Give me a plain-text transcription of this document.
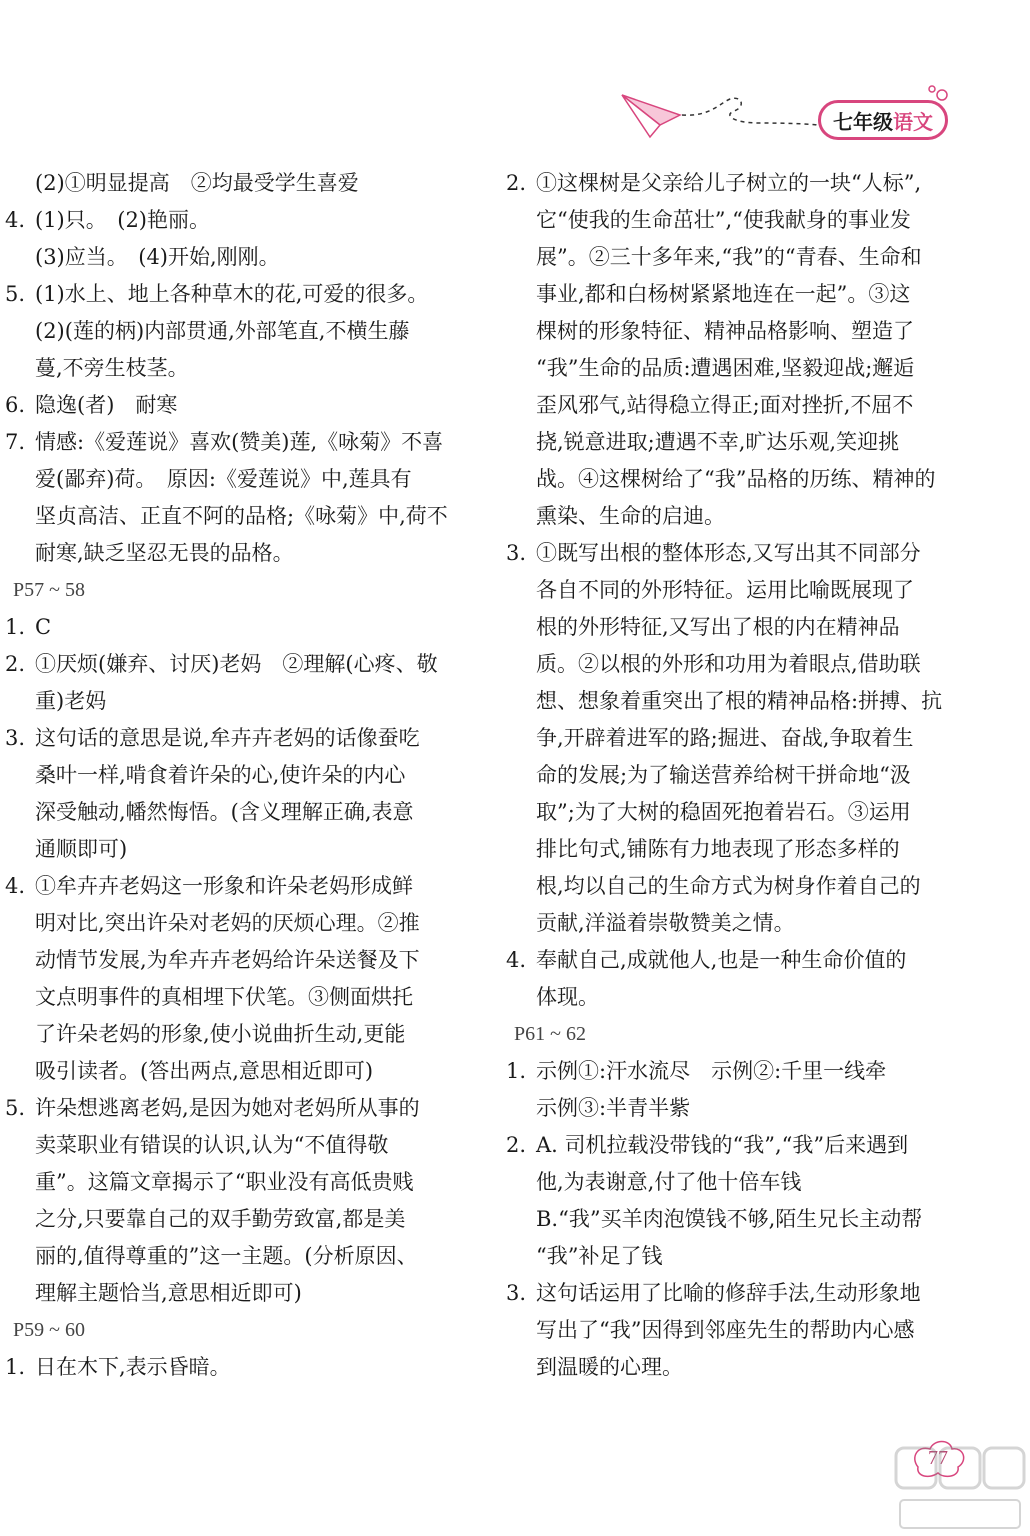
七年级 语文
(2)①明显提高　②均最受学生喜爱
4. (1)只。　(2)艳丽。
(3)应当。　(4)开始,刚刚。
5. (1)水上、地上各种草木的花,可爱的很多。
(2)(莲的柄)内部贯通,外部笔直,不横生藤
蔓,不旁生枝茎。
6. 隐逸(者)　耐寒
7. 情感:《爱莲说》喜欢(赞美)莲,《咏菊》不喜
爱(鄙弃)荷。　原因:《爱莲说》中,莲具有
坚贞高洁、正直不阿的品格;《咏菊》中,荷不
耐寒,缺乏坚忍无畏的品格。
P57 ~ 58
1. C
2. ①厌烦(嫌弃、讨厌)老妈　②理解(心疼、敬
重)老妈
3. 这句话的意思是说,牟卉卉老妈的话像蚕吃
桑叶一样,啃食着许朵的心,使许朵的内心
深受触动,幡然悔悟。(含义理解正确,表意
通顺即可)
4. ①牟卉卉老妈这一形象和许朵老妈形成鲜
明对比,突出许朵对老妈的厌烦心理。②推
动情节发展,为牟卉卉老妈给许朵送餐及下
文点明事件的真相埋下伏笔。③侧面烘托
了许朵老妈的形象,使小说曲折生动,更能
吸引读者。(答出两点,意思相近即可)
5. 许朵想逃离老妈,是因为她对老妈所从事的
卖菜职业有错误的认识,认为“不值得敬
重”。这篇文章揭示了“职业没有高低贵贱
之分,只要靠自己的双手勤劳致富,都是美
丽的,值得尊重的”这一主题。(分析原因、
理解主题恰当,意思相近即可)
P59 ~ 60
1. 日在木下,表示昏暗。
2. ①这棵树是父亲给儿子树立的一块“人标”,
它“使我的生命茁壮”,“使我献身的事业发
展”。②三十多年来,“我”的“青春、生命和
事业,都和白杨树紧紧地连在一起”。③这
棵树的形象特征、精神品格影响、塑造了
“我”生命的品质:遭遇困难,坚毅迎战;邂逅
歪风邪气,站得稳立得正;面对挫折,不屈不
挠,锐意进取;遭遇不幸,旷达乐观,笑迎挑
战。④这棵树给了“我”品格的历练、精神的
熏染、生命的启迪。
3. ①既写出根的整体形态,又写出其不同部分
各自不同的外形特征。运用比喻既展现了
根的外形特征,又写出了根的内在精神品
质。②以根的外形和功用为着眼点,借助联
想、想象着重突出了根的精神品格:拼搏、抗
争,开辟着进军的路;掘进、奋战,争取着生
命的发展;为了输送营养给树干拼命地“汲
取”;为了大树的稳固死抱着岩石。③运用
排比句式,铺陈有力地表现了形态多样的
根,均以自己的生命方式为树身作着自己的
贡献,洋溢着崇敬赞美之情。
4. 奉献自己,成就他人,也是一种生命价值的
体现。
P61 ~ 62
1. 示例①:汗水流尽　示例②:千里一线牵
示例③:半青半紫
2. A. 司机拉载没带钱的“我”,“我”后来遇到
他,为表谢意,付了他十倍车钱
B.“我”买羊肉泡馍钱不够,陌生兄长主动帮
“我”补足了钱
3. 这句话运用了比喻的修辞手法,生动形象地
写出了“我”因得到邻座先生的帮助内心感
到温暖的心理。
77
